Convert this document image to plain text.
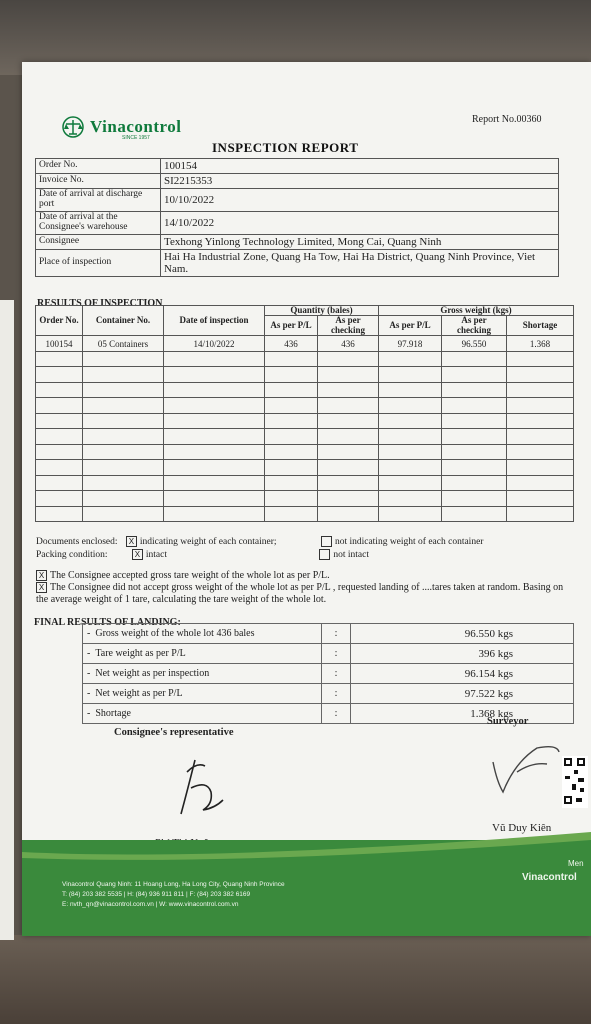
Vinacontrol
SINCE 1957
Report No.00360
INSPECTION REPORT
Order No.	100154
Invoice No.	SI2215353
Date of arrival at discharge port	10/10/2022
Date of arrival at the Consignee's warehouse	14/10/2022
Consignee	Texhong Yinlong Technology Limited, Mong Cai, Quang Ninh
Place of inspection	Hai Ha Industrial Zone, Quang Ha Tow, Hai Ha District, Quang Ninh Province, Viet Nam.
RESULTS OF INSPECTION
Order No.	Container No.	Date of inspection	Quantity (bales)		Gross weight (kgs)		
			As per P/L	As per checking	As per P/L	As per checking	Shortage
100154	05 Containers	14/10/2022	436	436	97.918	96.550	1.368

Documents enclosed: X indicating weight of each container;	not indicating weight of each container
Packing condition:	X intact	not intact
X The Consignee accepted gross tare weight of the whole lot as per P/L.
X The Consignee did not accept gross weight of the whole lot as per P/L , requested landing of ....tares taken at random. Basing on the average weight of 1 tare, calculating the tare weight of the whole lot.
FINAL RESULTS OF LANDING:
-  Gross weight of the whole lot 436 bales	:	96.550 kgs
-  Tare weight as per P/L	:	396 kgs
-  Net weight as per inspection	:	96.154 kgs
-  Net weight as per P/L	:	97.522 kgs
-  Shortage	:	1.368 kgs
Consignee's representative
Surveyor
Vũ Duy Kiên
Vinacontrol Quang Ninh: 11 Hoang Long, Ha Long City, Quang Ninh Province
T: (84) 203 382 5535 | H: (84) 936 911 811 | F: (84) 203 382 6169
E: nvth_qn@vinacontrol.com.vn | W: www.vinacontrol.com.vn
Men
Vinacontrol
